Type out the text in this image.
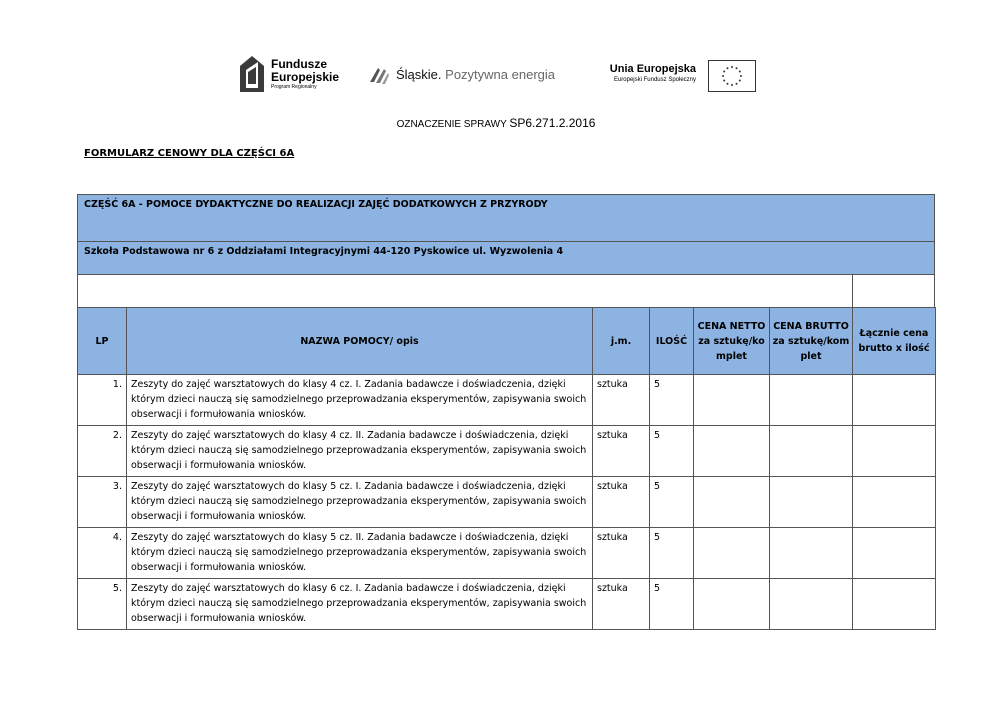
Fundusze
Europejskie
Program Regionalny
Śląskie. Pozytywna energia	Unia Europejska
Europejski Fundusz Społeczny
OZNACZENIE SPRAWY SP6.271.2.2016
FORMULARZ CENOWY DLA CZĘŚCI 6A
CZĘŚĆ 6A - POMOCE DYDAKTYCZNE DO REALIZACJI ZAJĘĆ DODATKOWYCH Z PRZYRODY
Szkoła Podstawowa nr 6 z Oddziałami Integracyjnymi 44-120 Pyskowice ul. Wyzwolenia 4
LP	NAZWA POMOCY/ opis	j.m.	ILOŚĆ	CENA NETTO za sztukę/ko mplet	CENA BRUTTO za sztukę/kom plet	Łącznie cena brutto x ilość
1.	Zeszyty do zajęć warsztatowych do klasy 4 cz. I. Zadania badawcze i doświadczenia, dzięki którym dzieci nauczą się samodzielnego przeprowadzania eksperymentów, zapisywania swoich obserwacji i formułowania wniosków.	sztuka	5			
2.	Zeszyty do zajęć warsztatowych do klasy 4 cz. II. Zadania badawcze i doświadczenia, dzięki którym dzieci nauczą się samodzielnego przeprowadzania eksperymentów, zapisywania swoich obserwacji i formułowania wniosków.	sztuka	5			
3.	Zeszyty do zajęć warsztatowych do klasy 5 cz. I. Zadania badawcze i doświadczenia, dzięki którym dzieci nauczą się samodzielnego przeprowadzania eksperymentów, zapisywania swoich obserwacji i formułowania wniosków.	sztuka	5			
4.	Zeszyty do zajęć warsztatowych do klasy 5 cz. II. Zadania badawcze i doświadczenia, dzięki którym dzieci nauczą się samodzielnego przeprowadzania eksperymentów, zapisywania swoich obserwacji i formułowania wniosków.	sztuka	5			
5.	Zeszyty do zajęć warsztatowych do klasy 6 cz. I. Zadania badawcze i doświadczenia, dzięki którym dzieci nauczą się samodzielnego przeprowadzania eksperymentów, zapisywania swoich obserwacji i formułowania wniosków.	sztuka	5			
